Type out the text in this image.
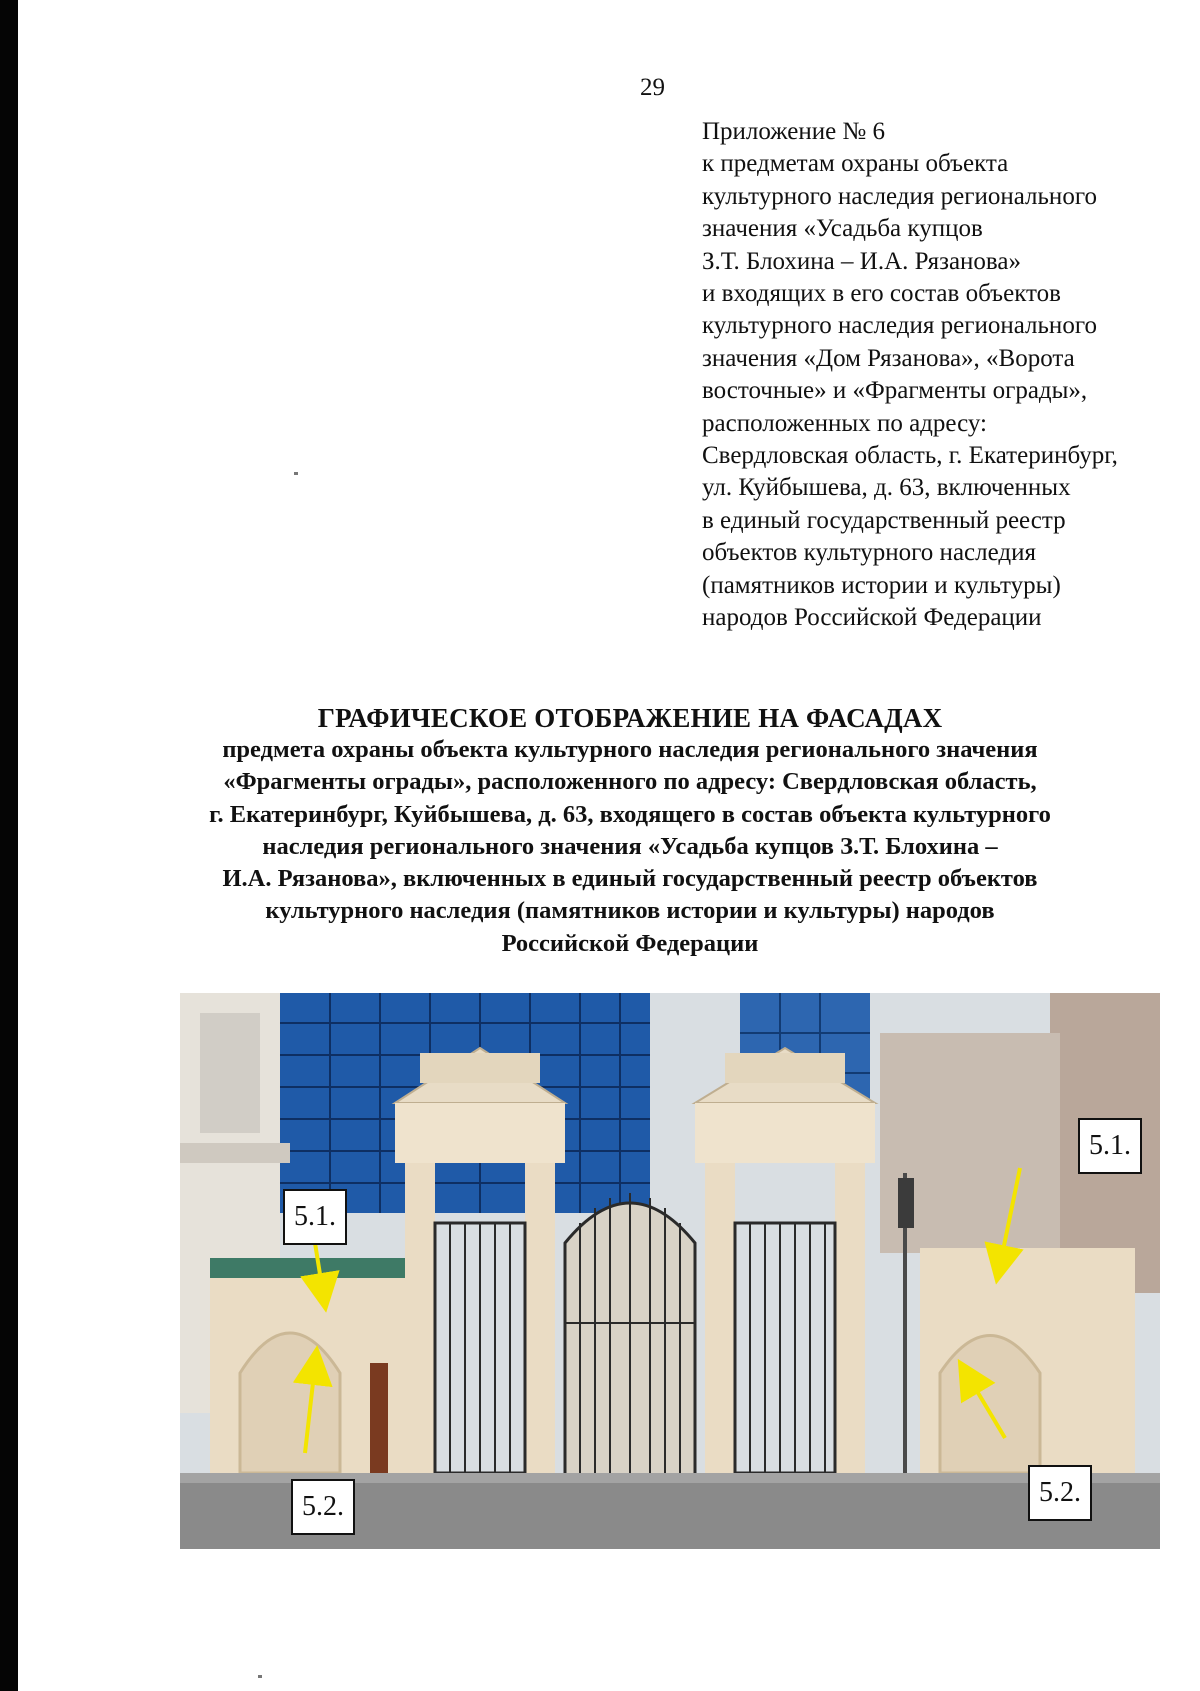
29
Приложение № 6
к предметам охраны объекта
культурного наследия регионального
значения «Усадьба купцов
З.Т. Блохина – И.А. Рязанова»
и входящих в его состав объектов
культурного наследия регионального
значения «Дом Рязанова», «Ворота
восточные» и «Фрагменты ограды»,
расположенных по адресу:
Свердловская область, г. Екатеринбург,
ул. Куйбышева, д. 63, включенных
в единый государственный реестр
объектов культурного наследия
(памятников истории и культуры)
народов Российской Федерации
ГРАФИЧЕСКОЕ ОТОБРАЖЕНИЕ НА ФАСАДАХ
предмета охраны объекта культурного наследия регионального значения
«Фрагменты ограды», расположенного по адресу: Свердловская область,
г. Екатеринбург, Куйбышева, д. 63, входящего в состав объекта культурного
наследия регионального значения «Усадьба купцов З.Т. Блохина –
И.А. Рязанова», включенных в единый государственный реестр объектов
культурного наследия (памятников истории и культуры) народов
Российской Федерации
5.1.
5.1.
5.2.	5.2.
